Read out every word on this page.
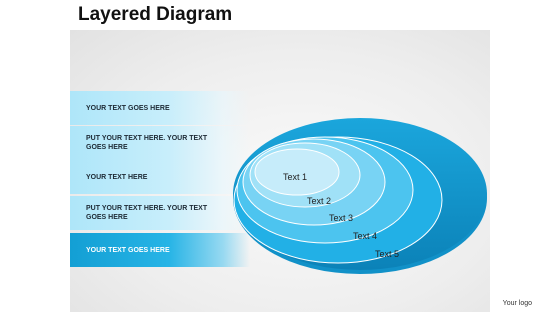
Layered Diagram
YOUR TEXT GOES HERE
PUT YOUR TEXT HERE. YOUR TEXT GOES HERE
YOUR TEXT HERE
PUT YOUR TEXT HERE. YOUR TEXT GOES HERE
YOUR TEXT GOES HERE
Text 1
Text 2
Text 3
Text 4
Text 5
Your logo
